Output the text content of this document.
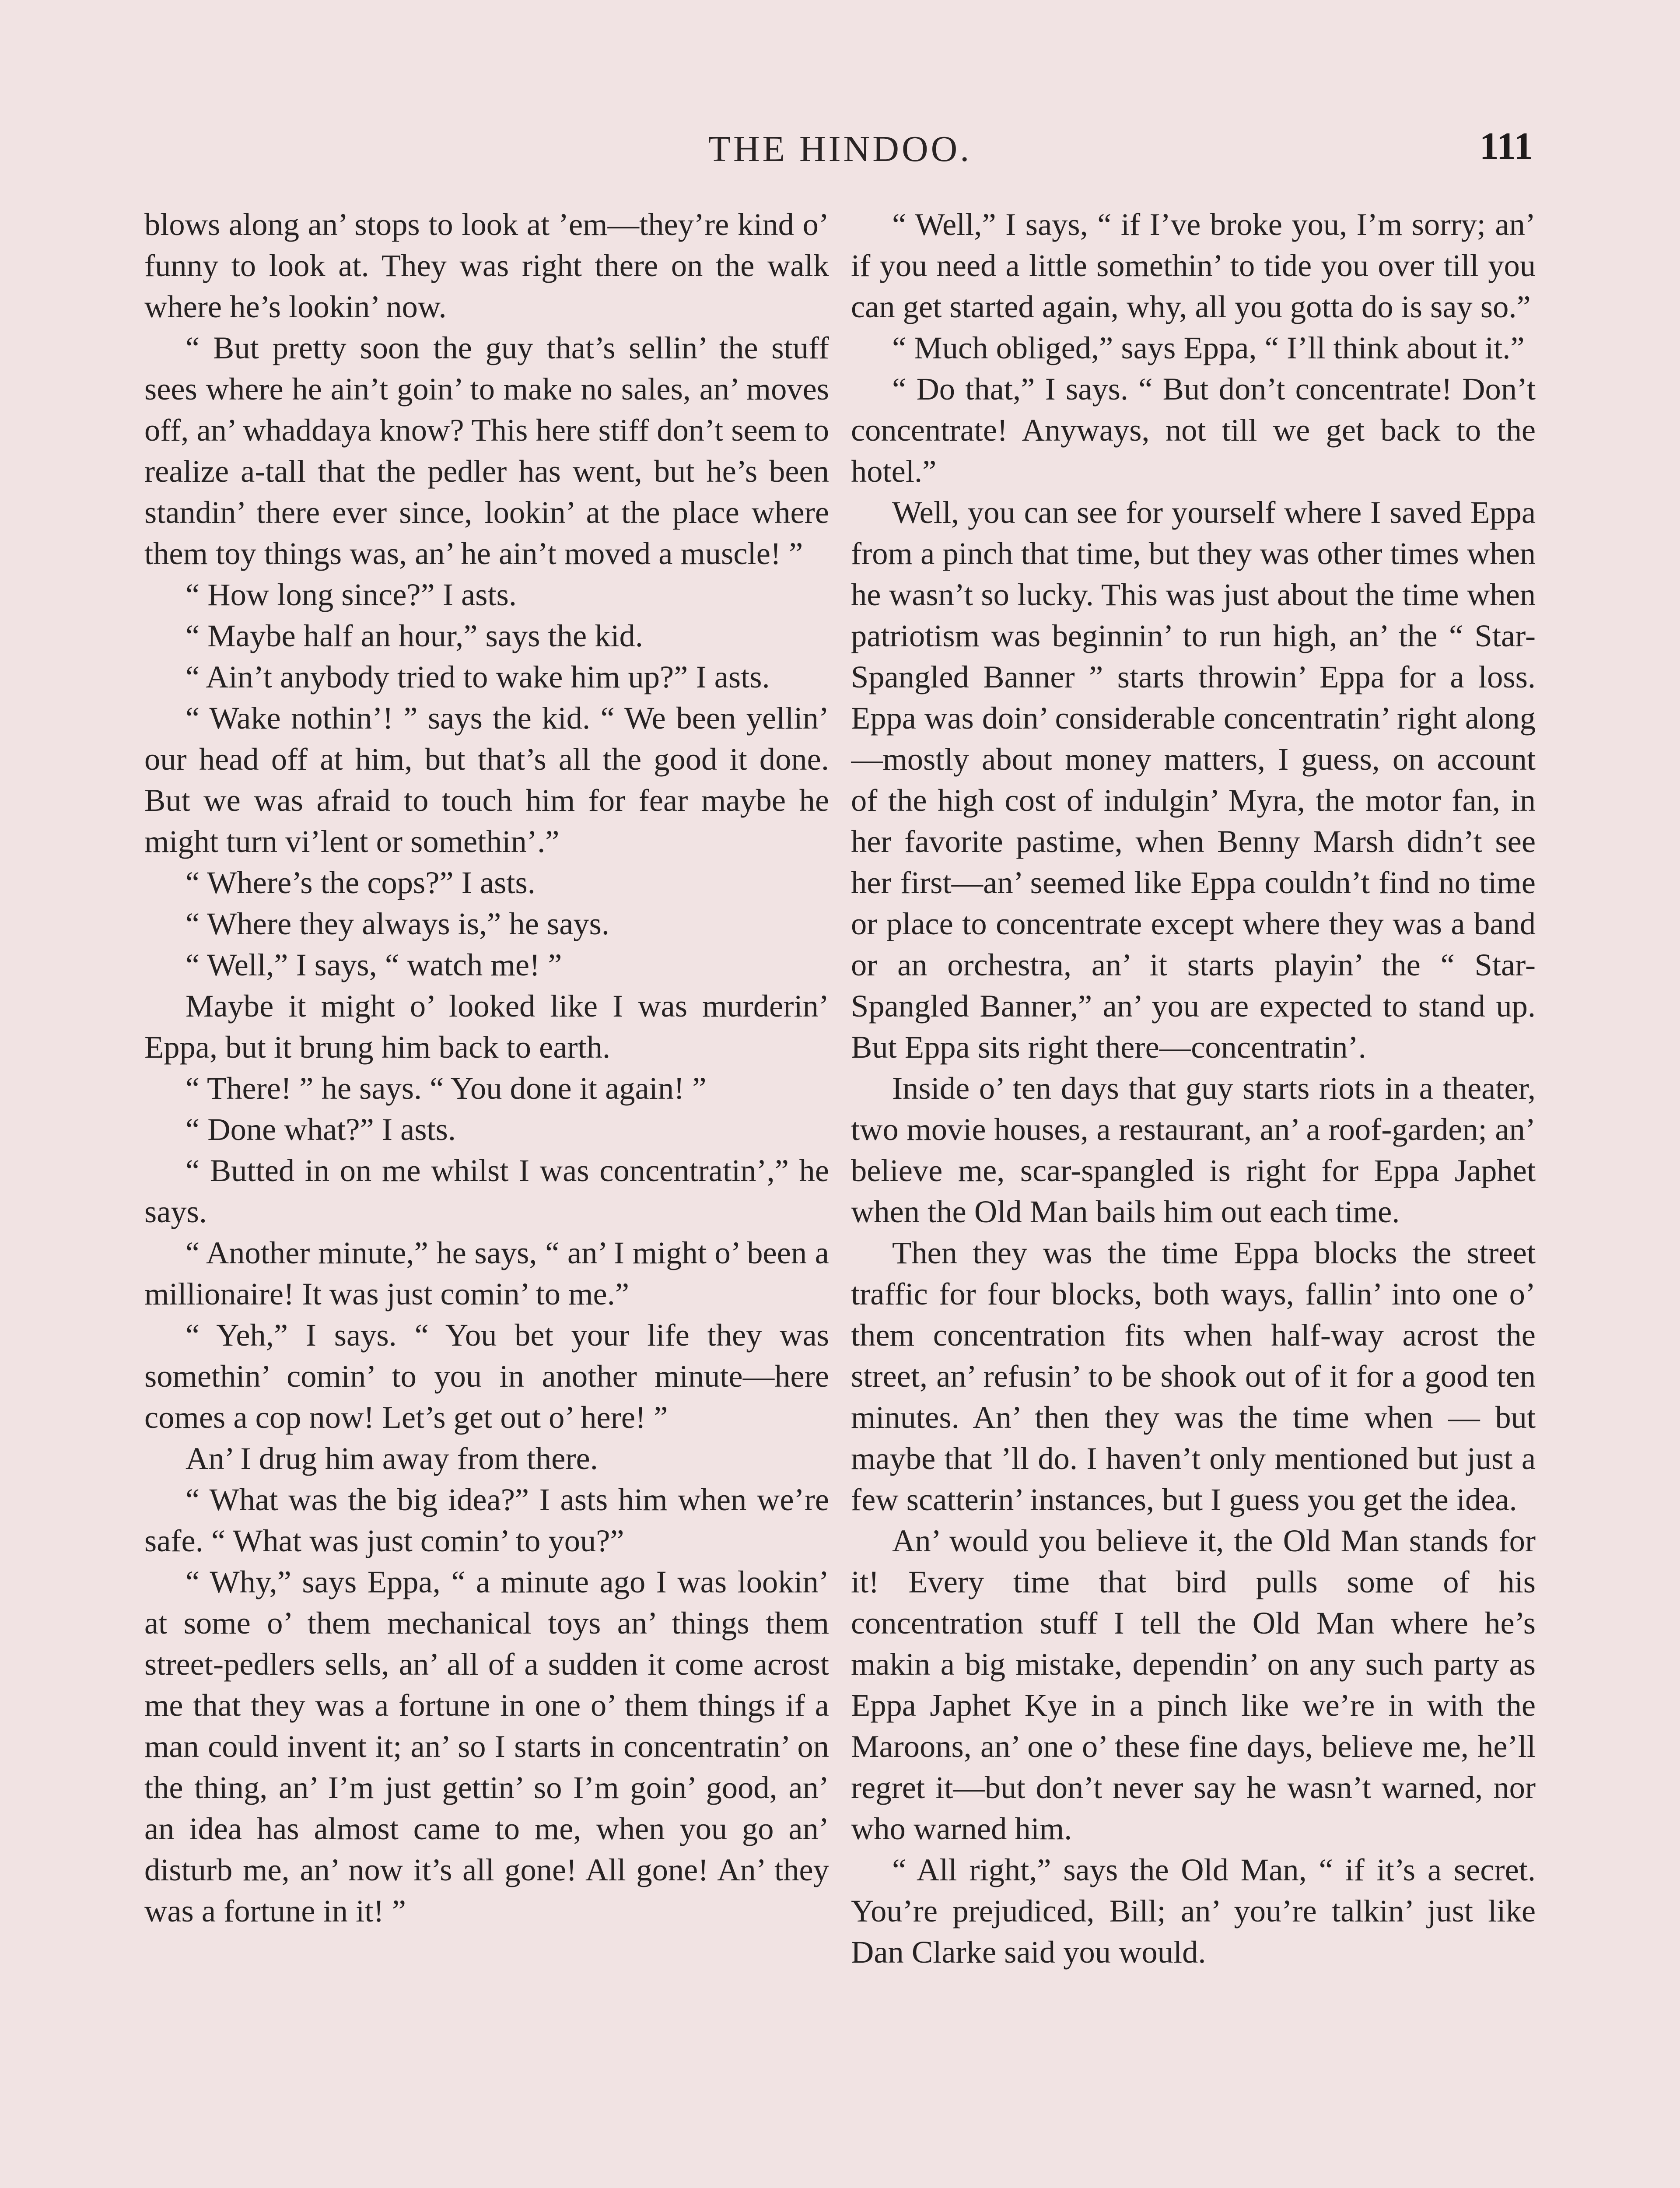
THE HINDOO.	111

blows along an’ stops to look at ’em—they’re kind o’ funny to look at. They was right there on the walk where he’s lookin’ now.

“ But pretty soon the guy that’s sellin’ the stuff sees where he ain’t goin’ to make no sales, an’ moves off, an’ whaddaya know? This here stiff don’t seem to realize a-tall that the pedler has went, but he’s been standin’ there ever since, lookin’ at the place where them toy things was, an’ he ain’t moved a muscle! ”

“ How long since?” I asts.

“ Maybe half an hour,” says the kid.

“ Ain’t anybody tried to wake him up?” I asts.

“ Wake nothin’! ” says the kid. “ We been yellin’ our head off at him, but that’s all the good it done. But we was afraid to touch him for fear maybe he might turn vi’lent or somethin’.”

“ Where’s the cops?” I asts.

“ Where they always is,” he says.

“ Well,” I says, “ watch me! ”

Maybe it might o’ looked like I was murderin’ Eppa, but it brung him back to earth.

“ There! ” he says. “ You done it again! ”

“ Done what?” I asts.

“ Butted in on me whilst I was concentratin’,” he says.

“ Another minute,” he says, “ an’ I might o’ been a millionaire! It was just comin’ to me.”

“ Yeh,” I says. “ You bet your life they was somethin’ comin’ to you in another minute—here comes a cop now! Let’s get out o’ here! ”

An’ I drug him away from there.

“ What was the big idea?” I asts him when we’re safe. “ What was just comin’ to you?”

“ Why,” says Eppa, “ a minute ago I was lookin’ at some o’ them mechanical toys an’ things them street-pedlers sells, an’ all of a sudden it come acrost me that they was a fortune in one o’ them things if a man could invent it; an’ so I starts in concentratin’ on the thing, an’ I’m just gettin’ so I’m goin’ good, an’ an idea has almost came to me, when you go an’ disturb me, an’ now it’s all gone! All gone! An’ they was a fortune in it! ”

“ Well,” I says, “ if I’ve broke you, I’m sorry; an’ if you need a little somethin’ to tide you over till you can get started again, why, all you gotta do is say so.”

“ Much obliged,” says Eppa, “ I’ll think about it.”

“ Do that,” I says. “ But don’t concentrate! Don’t concentrate! Anyways, not till we get back to the hotel.”

Well, you can see for yourself where I saved Eppa from a pinch that time, but they was other times when he wasn’t so lucky. This was just about the time when patriotism was beginnin’ to run high, an’ the “ Star-Spangled Banner ” starts throwin’ Eppa for a loss. Eppa was doin’ considerable concentratin’ right along—mostly about money matters, I guess, on account of the high cost of indulgin’ Myra, the motor fan, in her favorite pastime, when Benny Marsh didn’t see her first—an’ seemed like Eppa couldn’t find no time or place to concentrate except where they was a band or an orchestra, an’ it starts playin’ the “ Star-Spangled Banner,” an’ you are expected to stand up. But Eppa sits right there—concentratin’.

Inside o’ ten days that guy starts riots in a theater, two movie houses, a restaurant, an’ a roof-garden; an’ believe me, scar-spangled is right for Eppa Japhet when the Old Man bails him out each time.

Then they was the time Eppa blocks the street traffic for four blocks, both ways, fallin’ into one o’ them concentration fits when half-way acrost the street, an’ refusin’ to be shook out of it for a good ten minutes. An’ then they was the time when — but maybe that ’ll do. I haven’t only mentioned but just a few scatterin’ instances, but I guess you get the idea.

An’ would you believe it, the Old Man stands for it! Every time that bird pulls some of his concentration stuff I tell the Old Man where he’s makin a big mistake, dependin’ on any such party as Eppa Japhet Kye in a pinch like we’re in with the Maroons, an’ one o’ these fine days, believe me, he’ll regret it—but don’t never say he wasn’t warned, nor who warned him.

“ All right,” says the Old Man, “ if it’s a secret. You’re prejudiced, Bill; an’ you’re talkin’ just like Dan Clarke said you would.
